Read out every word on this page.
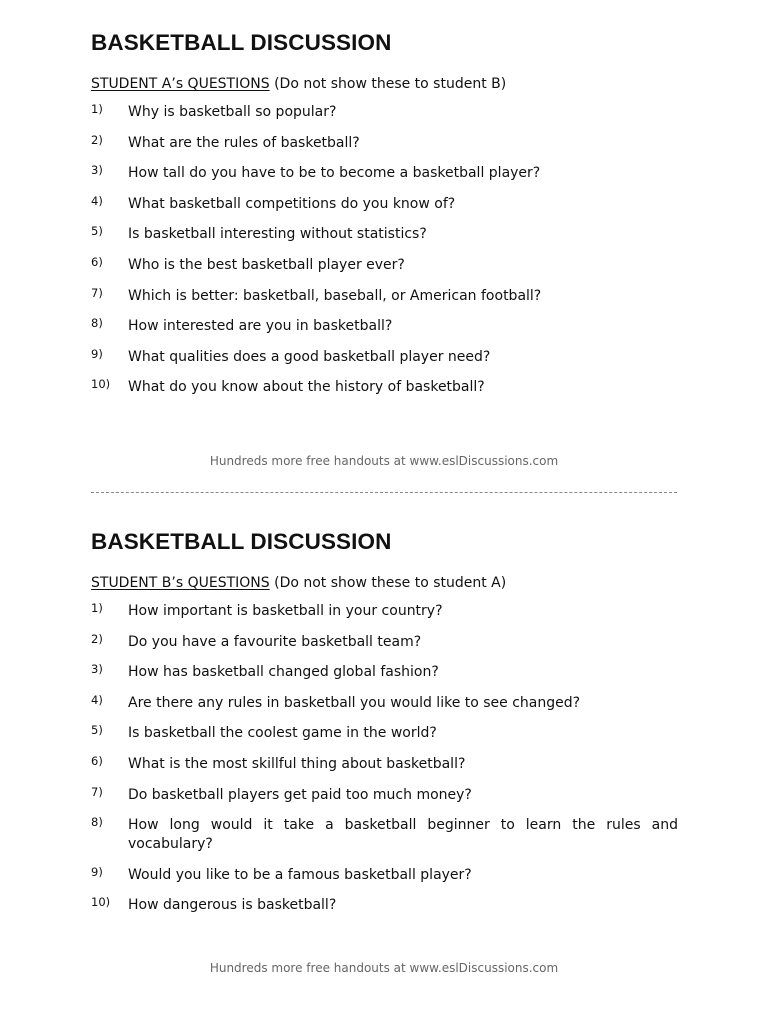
BASKETBALL DISCUSSION
STUDENT A’s QUESTIONS (Do not show these to student B)
1) Why is basketball so popular?
2) What are the rules of basketball?
3) How tall do you have to be to become a basketball player?
4) What basketball competitions do you know of?
5) Is basketball interesting without statistics?
6) Who is the best basketball player ever?
7) Which is better: basketball, baseball, or American football?
8) How interested are you in basketball?
9) What qualities does a good basketball player need?
10) What do you know about the history of basketball?
Hundreds more free handouts at www.eslDiscussions.com
BASKETBALL DISCUSSION
STUDENT B’s QUESTIONS (Do not show these to student A)
1) How important is basketball in your country?
2) Do you have a favourite basketball team?
3) How has basketball changed global fashion?
4) Are there any rules in basketball you would like to see changed?
5) Is basketball the coolest game in the world?
6) What is the most skillful thing about basketball?
7) Do basketball players get paid too much money?
8) How long would it take a basketball beginner to learn the rules and vocabulary?
9) Would you like to be a famous basketball player?
10) How dangerous is basketball?
Hundreds more free handouts at www.eslDiscussions.com
